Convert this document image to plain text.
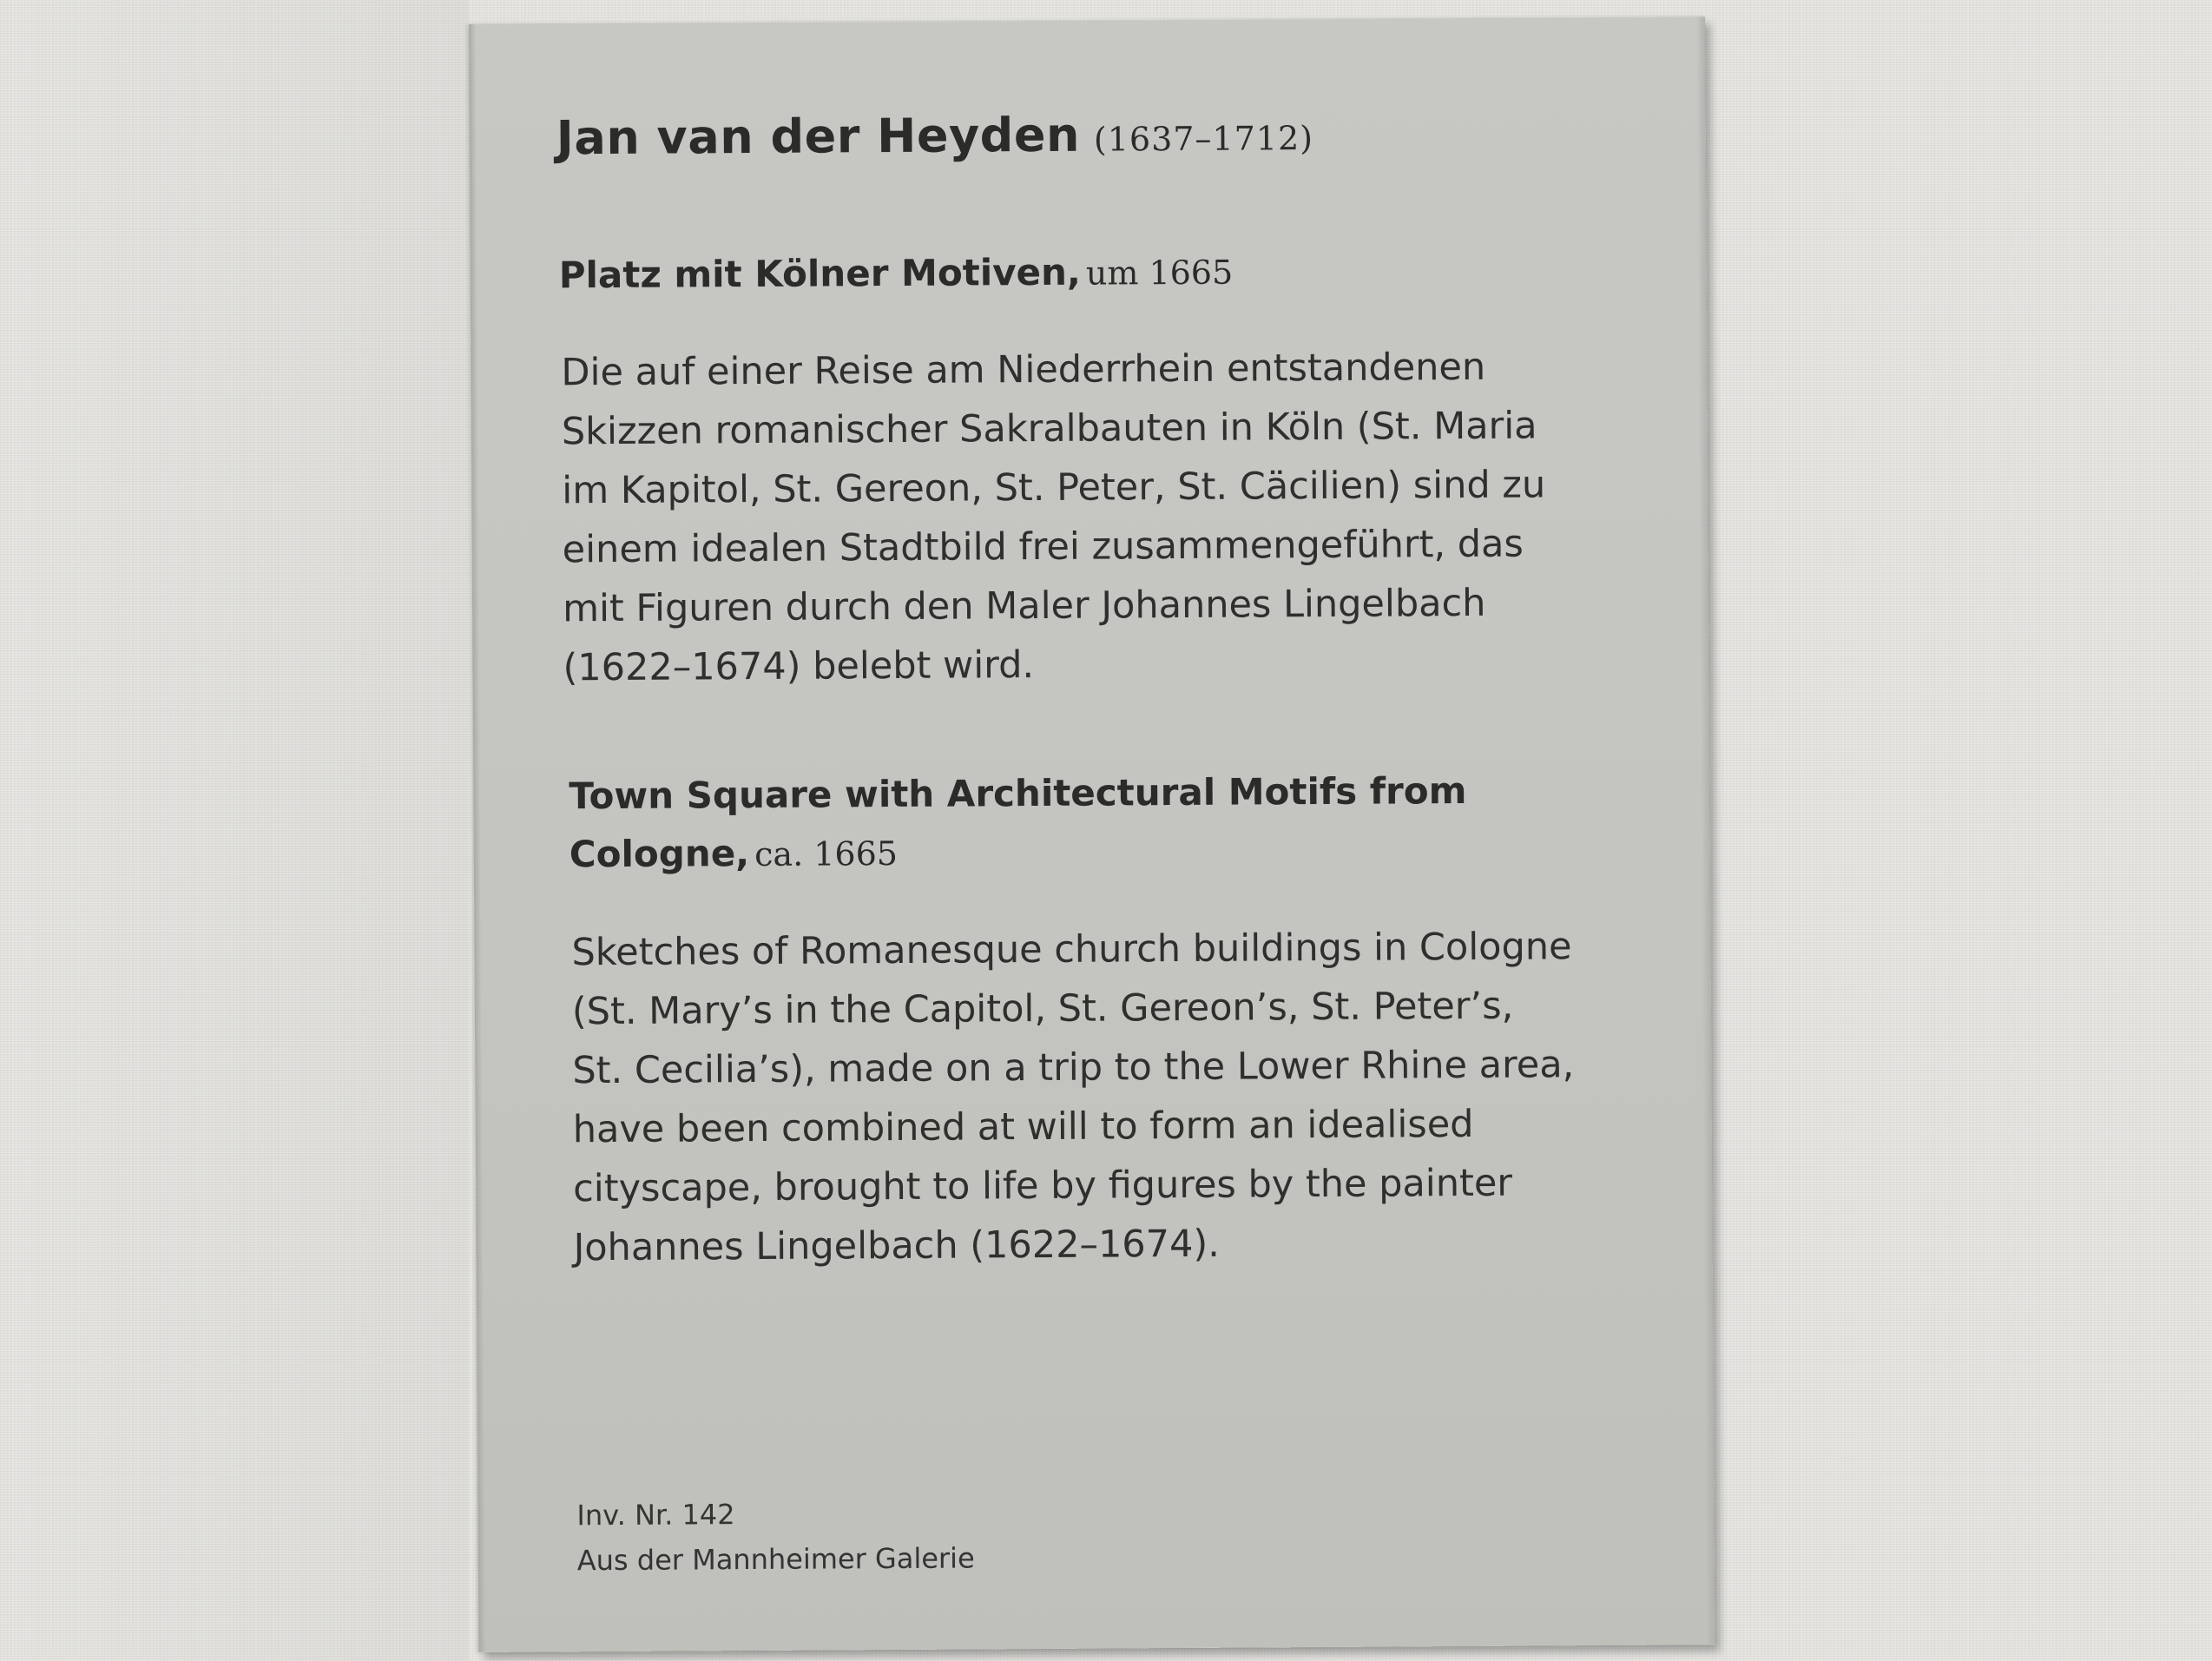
Jan van der Heyden (1637–1712)
Platz mit Kölner Motiven, um 1665
Die auf einer Reise am Niederrhein entstandenen
Skizzen romanischer Sakralbauten in Köln (St. Maria
im Kapitol, St. Gereon, St. Peter, St. Cäcilien) sind zu
einem idealen Stadtbild frei zusammengeführt, das
mit Figuren durch den Maler Johannes Lingelbach
(1622–1674) belebt wird.
Town Square with Architectural Motifs from
Cologne, ca. 1665
Sketches of Romanesque church buildings in Cologne
(St. Mary’s in the Capitol, St. Gereon’s, St. Peter’s,
St. Cecilia’s), made on a trip to the Lower Rhine area,
have been combined at will to form an idealised
cityscape, brought to life by figures by the painter
Johannes Lingelbach (1622–1674).
Inv. Nr. 142
Aus der Mannheimer Galerie
